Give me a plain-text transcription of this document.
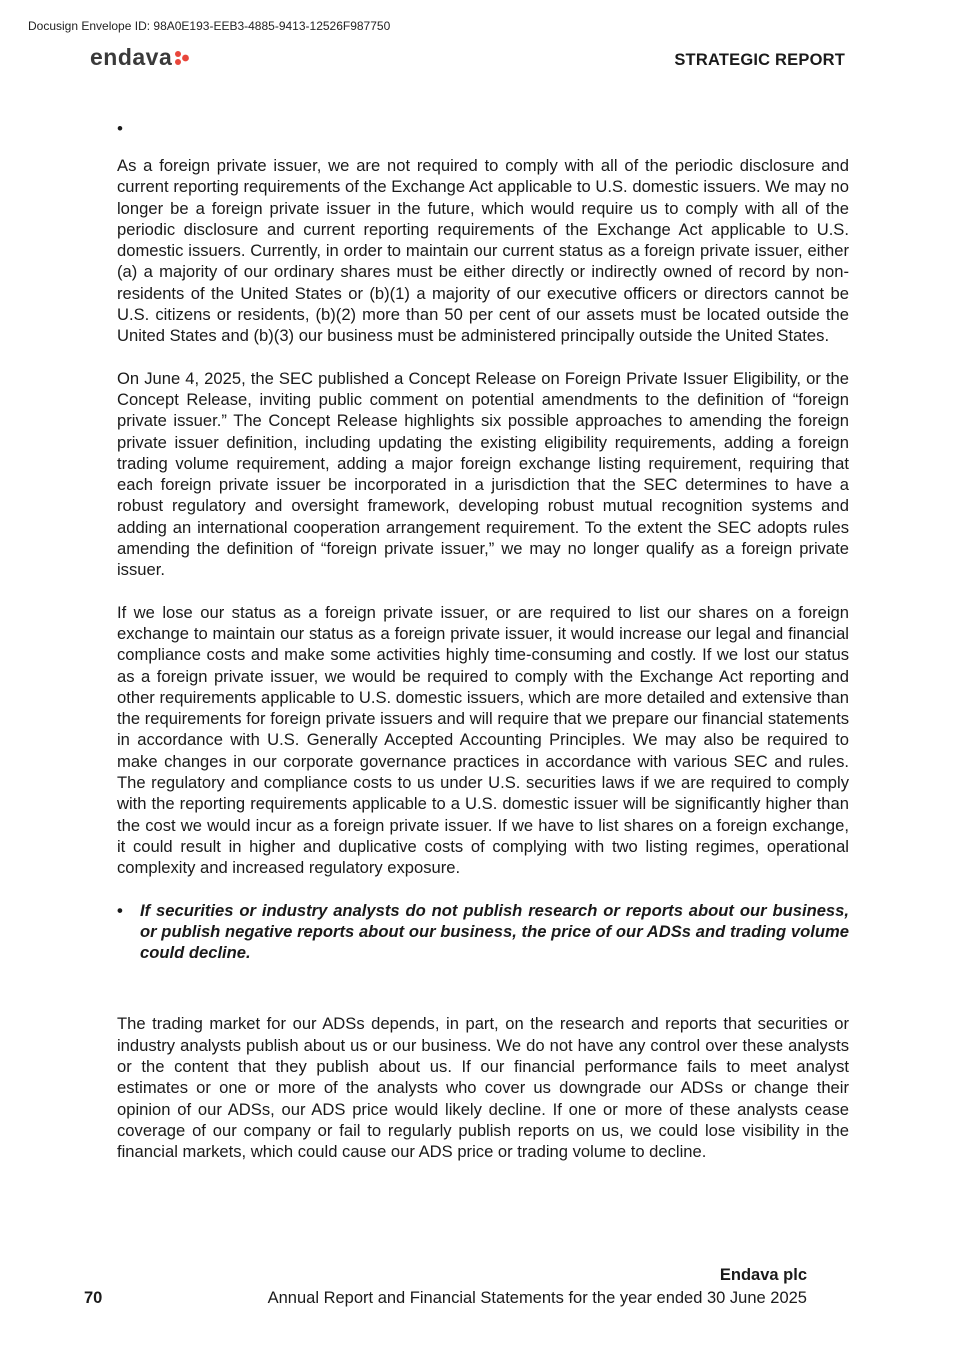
Docusign Envelope ID: 98A0E193-EEB3-4885-9413-12526F987750
endava	STRATEGIC REPORT
•

As a foreign private issuer, we are not required to comply with all of the periodic disclosure and current reporting requirements of the Exchange Act applicable to U.S. domestic issuers. We may no longer be a foreign private issuer in the future, which would require us to comply with all of the periodic disclosure and current reporting requirements of the Exchange Act applicable to U.S. domestic issuers. Currently, in order to maintain our current status as a foreign private issuer, either (a) a majority of our ordinary shares must be either directly or indirectly owned of record by non-residents of the United States or (b)(1) a majority of our executive officers or directors cannot be U.S. citizens or residents, (b)(2) more than 50 per cent of our assets must be located outside the United States and (b)(3) our business must be administered principally outside the United States.

On June 4, 2025, the SEC published a Concept Release on Foreign Private Issuer Eligibility, or the Concept Release, inviting public comment on potential amendments to the definition of “foreign private issuer.” The Concept Release highlights six possible approaches to amending the foreign private issuer definition, including updating the existing eligibility requirements, adding a foreign trading volume requirement, adding a major foreign exchange listing requirement, requiring that each foreign private issuer be incorporated in a jurisdiction that the SEC determines to have a robust regulatory and oversight framework, developing robust mutual recognition systems and adding an international cooperation arrangement requirement. To the extent the SEC adopts rules amending the definition of “foreign private issuer,” we may no longer qualify as a foreign private issuer.

If we lose our status as a foreign private issuer, or are required to list our shares on a foreign exchange to maintain our status as a foreign private issuer, it would increase our legal and financial compliance costs and make some activities highly time-consuming and costly. If we lost our status as a foreign private issuer, we would be required to comply with the Exchange Act reporting and other requirements applicable to U.S. domestic issuers, which are more detailed and extensive than the requirements for foreign private issuers and will require that we prepare our financial statements in accordance with U.S. Generally Accepted Accounting Principles. We may also be required to make changes in our corporate governance practices in accordance with various SEC and rules. The regulatory and compliance costs to us under U.S. securities laws if we are required to comply with the reporting requirements applicable to a U.S. domestic issuer will be significantly higher than the cost we would incur as a foreign private issuer. If we have to list shares on a foreign exchange, it could result in higher and duplicative costs of complying with two listing regimes, operational complexity and increased regulatory exposure.

•	If securities or industry analysts do not publish research or reports about our business, or publish negative reports about our business, the price of our ADSs and trading volume could decline.

The trading market for our ADSs depends, in part, on the research and reports that securities or industry analysts publish about us or our business. We do not have any control over these analysts or the content that they publish about us. If our financial performance fails to meet analyst estimates or one or more of the analysts who cover us downgrade our ADSs or change their opinion of our ADSs, our ADS price would likely decline. If one or more of these analysts cease coverage of our company or fail to regularly publish reports on us, we could lose visibility in the financial markets, which could cause our ADS price or trading volume to decline.

Endava plc
70	Annual Report and Financial Statements for the year ended 30 June 2025
